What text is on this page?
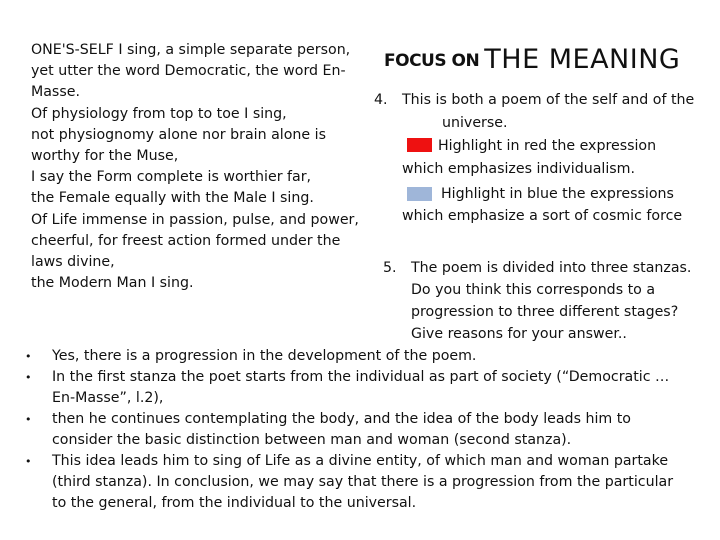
ONE'S-SELF I sing, a simple separate person,
yet utter the word Democratic, the word En-
Masse.
Of physiology from top to toe I sing,
not physiognomy alone nor brain alone is
worthy for the Muse,
I say the Form complete is worthier far,
the Female equally with the Male I sing.
Of Life immense in passion, pulse, and power,
cheerful, for freest action formed under the
laws divine,
the Modern Man I sing.
FOCUS ON THE MEANING
4. This is both a poem of the self and of the
universe.
Highlight in red the expression
which emphasizes individualism.
Highlight in blue the expressions
which emphasize a sort of cosmic force
5. The poem is divided into three stanzas.
Do you think this corresponds to a
progression to three different stages?
Give reasons for your answer..
• Yes, there is a progression in the development of the poem.
• In the first stanza the poet starts from the individual as part of society (“Democratic …
En-Masse”, l.2),
• then he continues contemplating the body, and the idea of the body leads him to
consider the basic distinction between man and woman (second stanza).
• This idea leads him to sing of Life as a divine entity, of which man and woman partake
(third stanza). In conclusion, we may say that there is a progression from the particular
to the general, from the individual to the universal.
